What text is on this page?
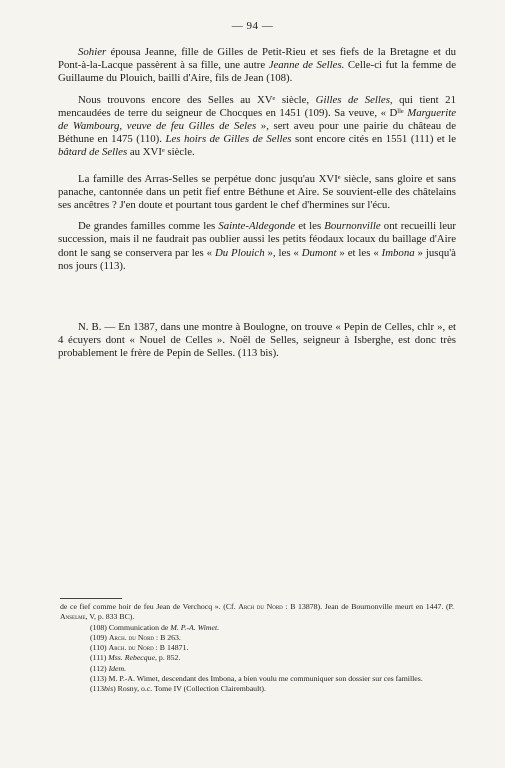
— 94 —

Sohier épousa Jeanne, fille de Gilles de Petit-Rieu et ses fiefs de la Bretagne et du Pont-à-la-Lacque passèrent à sa fille, une autre Jeanne de Selles. Celle-ci fut la femme de Guillaume du Plouich, bailli d'Aire, fils de Jean (108).

Nous trouvons encore des Selles au XVᵉ siècle, Gilles de Selles, qui tient 21 mencaudées de terre du seigneur de Chocques en 1451 (109). Sa veuve, « Dˡˡᵉ Marguerite de Wambourg, veuve de feu Gilles de Seles », sert aveu pour une pairie du château de Béthune en 1475 (110). Les hoirs de Gilles de Selles sont encore cités en 1551 (111) et le bâtard de Selles au XVIᵉ siècle.

La famille des Arras-Selles se perpétue donc jusqu'au XVIᵉ siècle, sans gloire et sans panache, cantonnée dans un petit fief entre Béthune et Aire. Se souvient-elle des châtelains ses ancêtres ? J'en doute et pourtant tous gardent le chef d'hermines sur l'écu.

De grandes familles comme les Sainte-Aldegonde et les Bournonville ont recueilli leur succession, mais il ne faudrait pas oublier aussi les petits féodaux locaux du baillage d'Aire dont le sang se conservera par les « Du Plouich », les « Dumont » et les « Imbona » jusqu'à nos jours (113).

N. B. — En 1387, dans une montre à Boulogne, on trouve « Pepin de Celles, chlr », et 4 écuyers dont « Nouel de Celles ». Noël de Selles, seigneur à Isberghe, est donc très probablement le frère de Pepin de Selles. (113 bis).

de ce fief comme hoir de feu Jean de Verchocq ». (Cf. Arch du Nord : B 13878). Jean de Bournonville meurt en 1447. (P. Anselme, V, p. 833 BC).

(108) Communication de M. P.-A. Wimet.

(109) Arch. du Nord : B 263.

(110) Arch. du Nord : B 14871.

(111) Mss. Rebecque, p. 852.

(112) Idem.

(113) M. P.-A. Wimet, descendant des Imbona, a bien voulu me communiquer son dossier sur ces familles.

(113bis) Rosny, o.c. Tome IV (Collection Clairembault).
